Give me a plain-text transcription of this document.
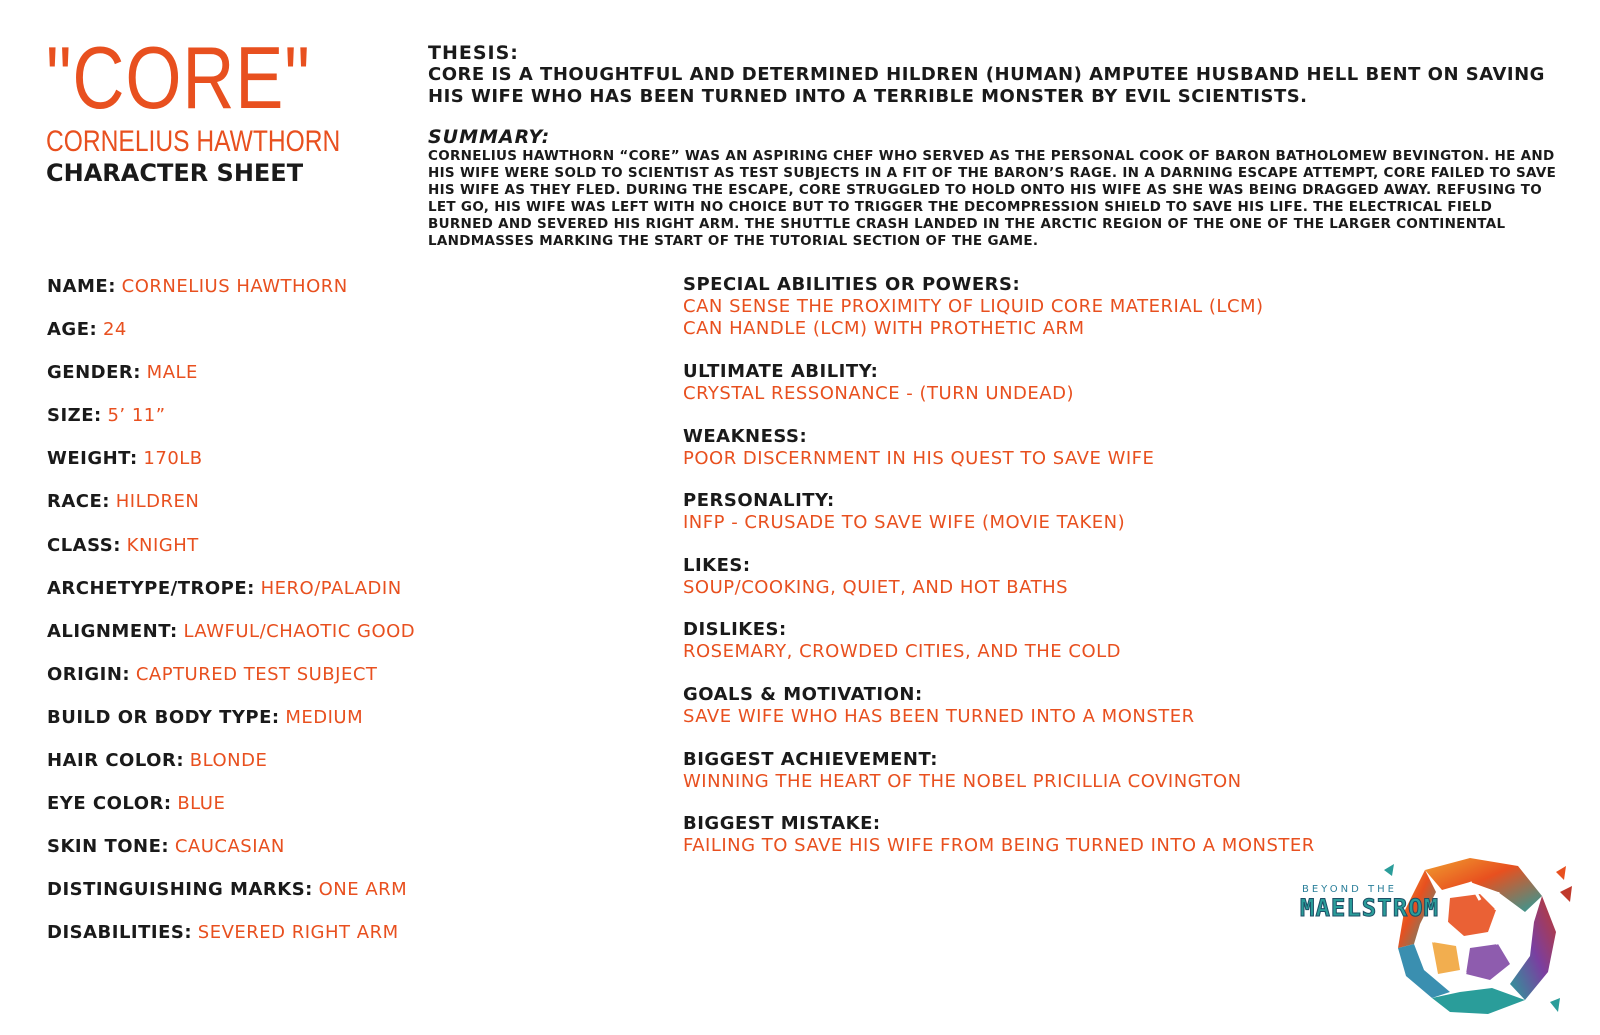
"CORE"
CORNELIUS HAWTHORN
CHARACTER SHEET
THESIS:
CORE IS A THOUGHTFUL AND DETERMINED HILDREN (HUMAN) AMPUTEE HUSBAND HELL BENT ON SAVING HIS WIFE WHO HAS BEEN TURNED INTO A TERRIBLE MONSTER BY EVIL SCIENTISTS.
SUMMARY:
CORNELIUS HAWTHORN “CORE” WAS AN ASPIRING CHEF WHO SERVED AS THE PERSONAL COOK OF BARON BATHOLOMEW BEVINGTON. HE AND HIS WIFE WERE SOLD TO SCIENTIST AS TEST SUBJECTS IN A FIT OF THE BARON’S RAGE. IN A DARNING ESCAPE ATTEMPT, CORE FAILED TO SAVE HIS WIFE AS THEY FLED. DURING THE ESCAPE, CORE STRUGGLED TO HOLD ONTO HIS WIFE AS SHE WAS BEING DRAGGED AWAY. REFUSING TO LET GO, HIS WIFE WAS LEFT WITH NO CHOICE BUT TO TRIGGER THE DECOMPRESSION SHIELD TO SAVE HIS LIFE. THE ELECTRICAL FIELD BURNED AND SEVERED HIS RIGHT ARM. THE SHUTTLE CRASH LANDED IN THE ARCTIC REGION OF THE ONE OF THE LARGER CONTINENTAL LANDMASSES MARKING THE START OF THE TUTORIAL SECTION OF THE GAME.
NAME: CORNELIUS HAWTHORN
AGE: 24
GENDER: MALE
SIZE: 5’ 11”
WEIGHT: 170LB
RACE: HILDREN
CLASS: KNIGHT
ARCHETYPE/TROPE: HERO/PALADIN
ALIGNMENT: LAWFUL/CHAOTIC GOOD
ORIGIN: CAPTURED TEST SUBJECT
BUILD OR BODY TYPE: MEDIUM
HAIR COLOR: BLONDE
EYE COLOR: BLUE
SKIN TONE: CAUCASIAN
DISTINGUISHING MARKS: ONE ARM
DISABILITIES: SEVERED RIGHT ARM
SPECIAL ABILITIES OR POWERS:
CAN SENSE THE PROXIMITY OF LIQUID CORE MATERIAL (LCM)
CAN HANDLE (LCM) WITH PROTHETIC ARM
ULTIMATE ABILITY:
CRYSTAL RESSONANCE - (TURN UNDEAD)
WEAKNESS:
POOR DISCERNMENT IN HIS QUEST TO SAVE WIFE
PERSONALITY:
INFP - CRUSADE TO SAVE WIFE (MOVIE TAKEN)
LIKES:
SOUP/COOKING, QUIET, AND HOT BATHS
DISLIKES:
ROSEMARY, CROWDED CITIES, AND THE COLD
GOALS & MOTIVATION:
SAVE WIFE WHO HAS BEEN TURNED INTO A MONSTER
BIGGEST ACHIEVEMENT:
WINNING THE HEART OF THE NOBEL PRICILLIA COVINGTON
BIGGEST MISTAKE:
FAILING TO SAVE HIS WIFE FROM BEING TURNED INTO A MONSTER
BEYOND THE
MAELSTROM
